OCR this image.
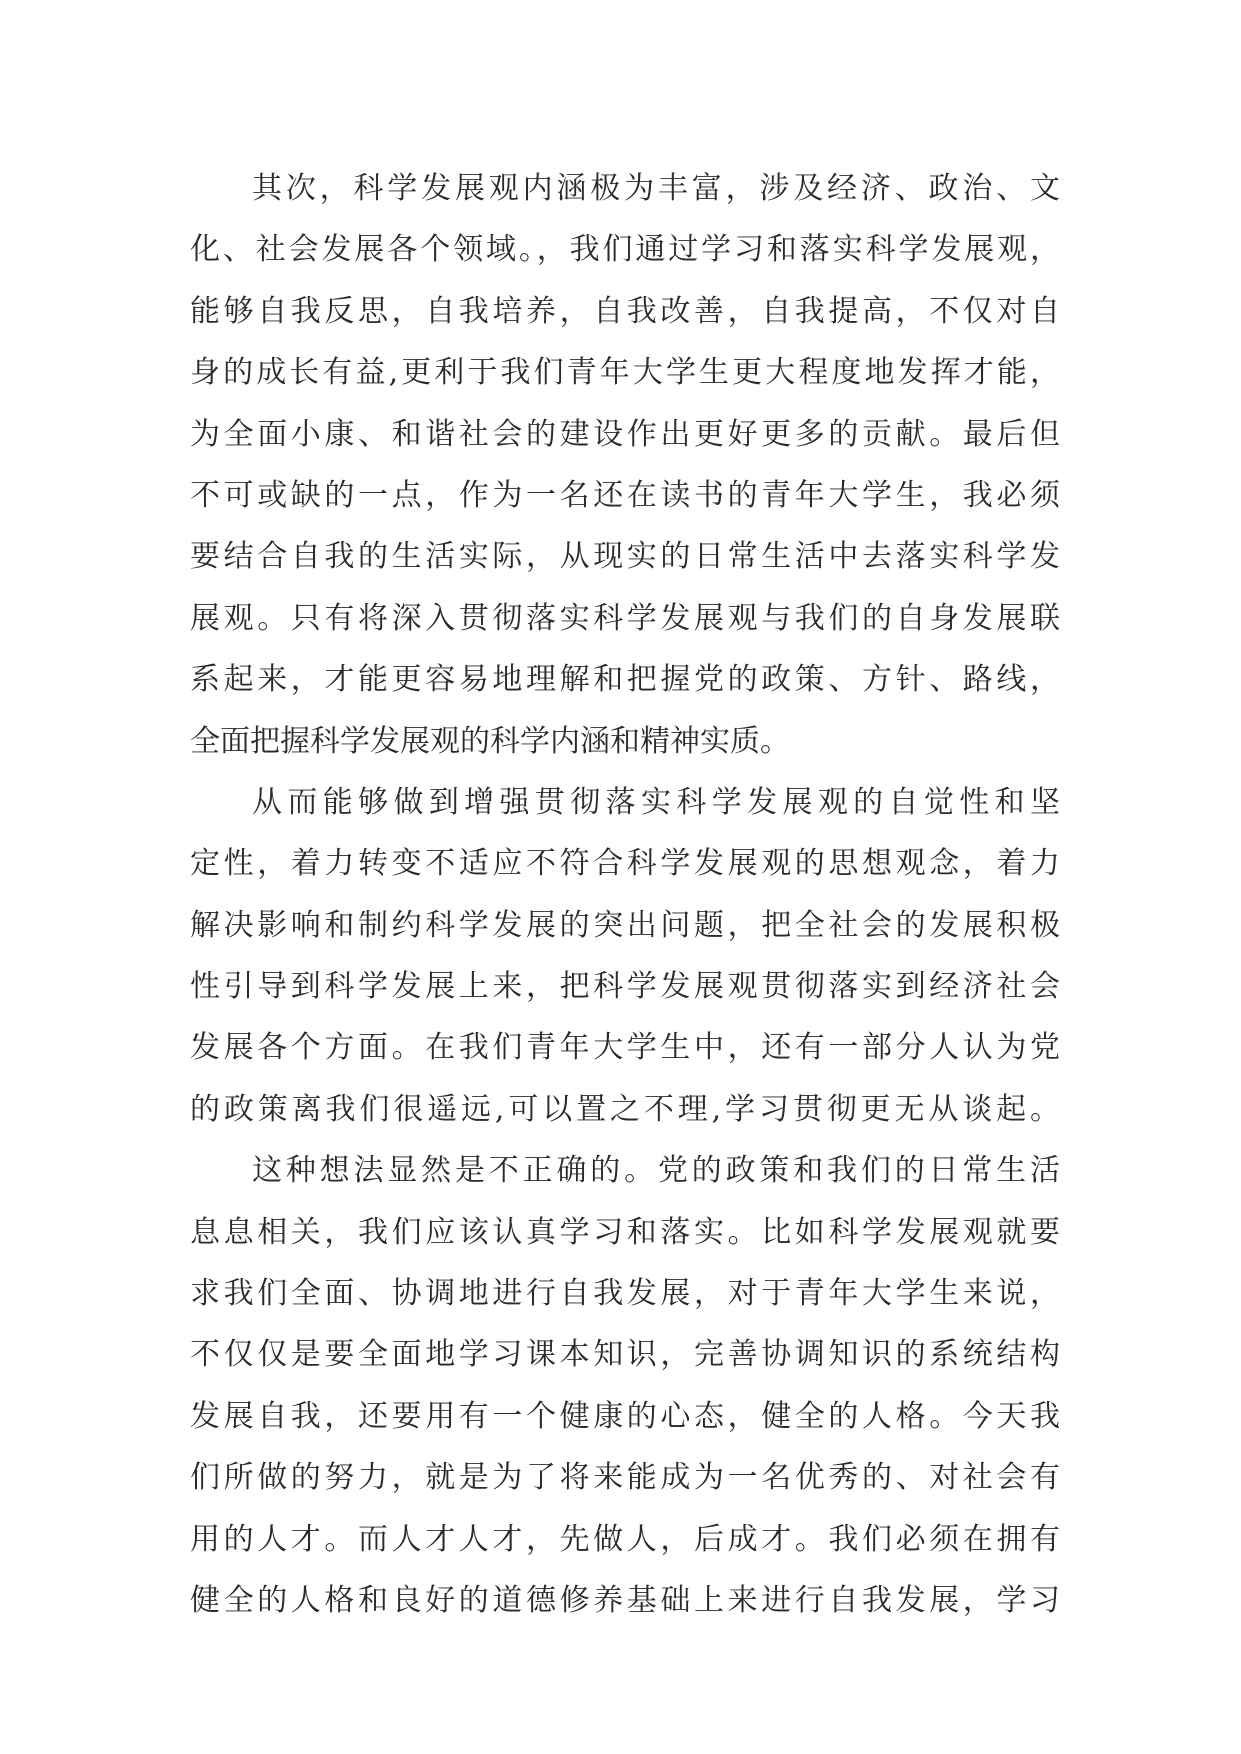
其次，科学发展观内涵极为丰富，涉及经济、政治、文
化、社会发展各个领域。，我们通过学习和落实科学发展观，
能够自我反思，自我培养，自我改善，自我提高，不仅对自
身的成长有益,更利于我们青年大学生更大程度地发挥才能，
为全面小康、和谐社会的建设作出更好更多的贡献。最后但
不可或缺的一点，作为一名还在读书的青年大学生，我必须
要结合自我的生活实际，从现实的日常生活中去落实科学发
展观。只有将深入贯彻落实科学发展观与我们的自身发展联
系起来，才能更容易地理解和把握党的政策、方针、路线，
全面把握科学发展观的科学内涵和精神实质。
从而能够做到增强贯彻落实科学发展观的自觉性和坚
定性，着力转变不适应不符合科学发展观的思想观念，着力
解决影响和制约科学发展的突出问题，把全社会的发展积极
性引导到科学发展上来，把科学发展观贯彻落实到经济社会
发展各个方面。在我们青年大学生中，还有一部分人认为党
的政策离我们很遥远,可以置之不理,学习贯彻更无从谈起。
这种想法显然是不正确的。党的政策和我们的日常生活
息息相关，我们应该认真学习和落实。比如科学发展观就要
求我们全面、协调地进行自我发展，对于青年大学生来说，
不仅仅是要全面地学习课本知识，完善协调知识的系统结构
发展自我，还要用有一个健康的心态，健全的人格。今天我
们所做的努力，就是为了将来能成为一名优秀的、对社会有
用的人才。而人才人才，先做人，后成才。我们必须在拥有
健全的人格和良好的道德修养基础上来进行自我发展，学习
